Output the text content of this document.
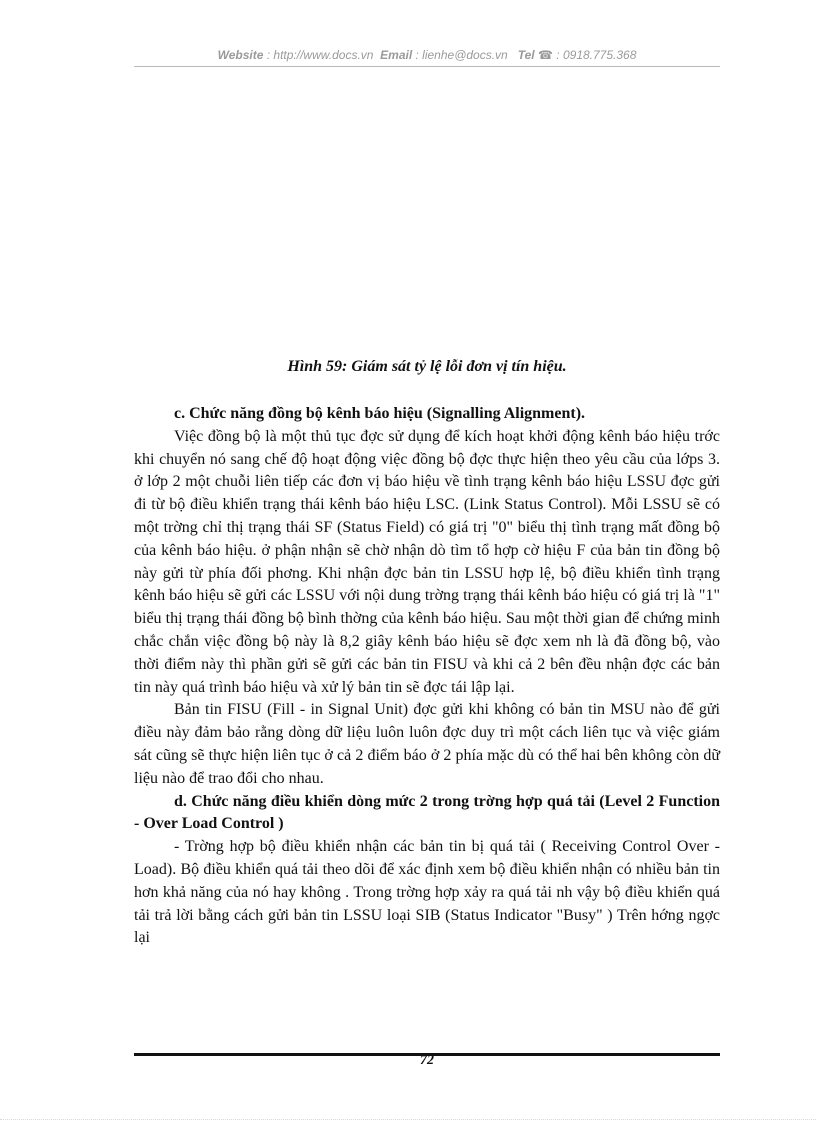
Website : http://www.docs.vn Email : lienhe@docs.vn Tel ☎ : 0918.775.368
Hình 59: Giám sát tỷ lệ lỗi đơn vị tín hiệu.

c. Chức năng đồng bộ kênh báo hiệu (Signalling Alignment).

Việc đồng bộ là một thủ tục đợc sử dụng để kích hoạt khởi động kênh báo hiệu trớc khi chuyển nó sang chế độ hoạt động việc đồng bộ đợc thực hiện theo yêu cầu của lớps 3. ở lớp 2 một chuỗi liên tiếp các đơn vị báo hiệu về tình trạng kênh báo hiệu LSSU đợc gửi đi từ bộ điều khiển trạng thái kênh báo hiệu LSC. (Link Status Control). Mỗi LSSU sẽ có một trờng chỉ thị trạng thái SF (Status Field) có giá trị "0" biểu thị tình trạng mất đồng bộ của kênh báo hiệu. ở phận nhận sẽ chờ nhận dò tìm tổ hợp cờ hiệu F của bản tin đồng bộ này gửi từ phía đối phơng. Khi nhận đợc bản tin LSSU hợp lệ, bộ điều khiển tình trạng kênh báo hiệu sẽ gửi các LSSU với nội dung trờng trạng thái kênh báo hiệu có giá trị là "1" biểu thị trạng thái đồng bộ bình thờng của kênh báo hiệu. Sau một thời gian để chứng minh chắc chắn việc đồng bộ này là 8,2 giây kênh báo hiệu sẽ đợc xem nh là đã đồng bộ, vào thời điểm này thì phần gửi sẽ gửi các bản tin FISU và khi cả 2 bên đều nhận đợc các bản tin này quá trình báo hiệu và xử lý bản tin sẽ đợc tái lập lại.

Bản tin FISU (Fill - in Signal Unit) đợc gửi khi không có bản tin MSU nào để gửi điều này đảm bảo rằng dòng dữ liệu luôn luôn đợc duy trì một cách liên tục và việc giám sát cũng sẽ thực hiện liên tục ở cả 2 điểm báo ở 2 phía mặc dù có thể hai bên không còn dữ liệu nào để trao đổi cho nhau.

d. Chức năng điều khiển dòng mức 2 trong trờng hợp quá tải (Level 2 Function - Over Load Control )

- Trờng hợp bộ điều khiển nhận các bản tin bị quá tải ( Receiving Control Over - Load). Bộ điều khiển quá tải theo dõi để xác định xem bộ điều khiển nhận có nhiều bản tin hơn khả năng của nó hay không . Trong trờng hợp xảy ra quá tải nh vậy bộ điều khiển quá tải trả lời bằng cách gửi bản tin LSSU loại SIB (Status Indicator "Busy" ) Trên hớng ngợc lại

72
